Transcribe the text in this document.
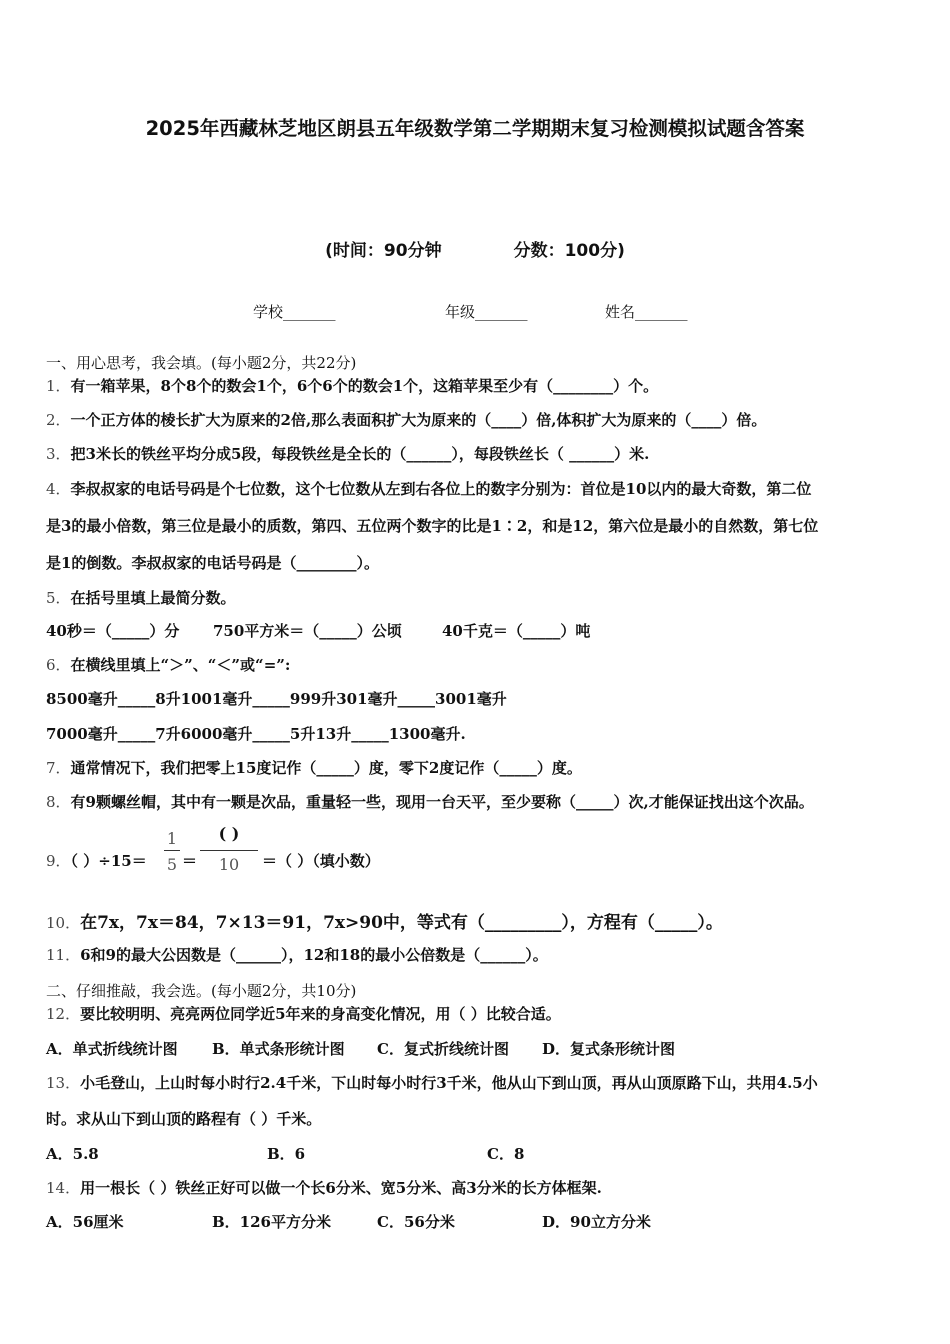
2025年西藏林芝地区朗县五年级数学第二学期期末复习检测模拟试题含答案
(时间：90分钟	分数：100分)
学校_______	年级_______	姓名_______
一、用心思考，我会填。(每小题2分，共22分)
1．有一箱苹果，8个8个的数会1个，6个6个的数会1个，这箱苹果至少有（________）个。
2．一个正方体的棱长扩大为原来的2倍,那么表面积扩大为原来的（____）倍,体积扩大为原来的（____）倍。
3．把3米长的铁丝平均分成5段，每段铁丝是全长的（______），每段铁丝长（ ______）米.
4．李叔叔家的电话号码是个七位数，这个七位数从左到右各位上的数字分别为：首位是10以内的最大奇数，第二位
是3的最小倍数，第三位是最小的质数，第四、五位两个数字的比是1∶2，和是12，第六位是最小的自然数，第七位
是1的倒数。李叔叔家的电话号码是（________）。
5．在括号里填上最简分数。
40秒＝（_____）分 750平方米＝（_____）公顷	40千克＝（_____）吨
6．在横线里填上“＞”、“＜”或“=”:
8500毫升_____8升1001毫升_____999升301毫升_____3001毫升
7000毫升_____7升6000毫升_____5升13升_____1300毫升.
7．通常情况下，我们把零上15度记作（_____）度，零下2度记作（_____）度。
8．有9颗螺丝帽，其中有一颗是次品，重量轻一些，现用一台天平，至少要称（_____）次,才能保证找出这个次品。
9．（ ）÷15＝
1
5 ＝
( )
10	＝（ ）（填小数）
10．在7x，7x＝84，7×13＝91，7x>90中，等式有（_________），方程有（_____）。
11．6和9的最大公因数是（______），12和18的最小公倍数是（______）。
二、仔细推敲，我会选。(每小题2分，共10分)
12．要比较明明、亮亮两位同学近5年来的身高变化情况，用（ ）比较合适。
A．单式折线统计图 B．单式条形统计图 C．复式折线统计图 D．复式条形统计图
13．小毛登山，上山时每小时行2.4千米，下山时每小时行3千米，他从山下到山顶，再从山顶原路下山，共用4.5小
时。求从山下到山顶的路程有（ ）千米。
A．5.8	B．6	C．8
14．用一根长（ ）铁丝正好可以做一个长6分米、宽5分米、高3分米的长方体框架.
A．56厘米	B．126平方分米	C．56分米	D．90立方分米
